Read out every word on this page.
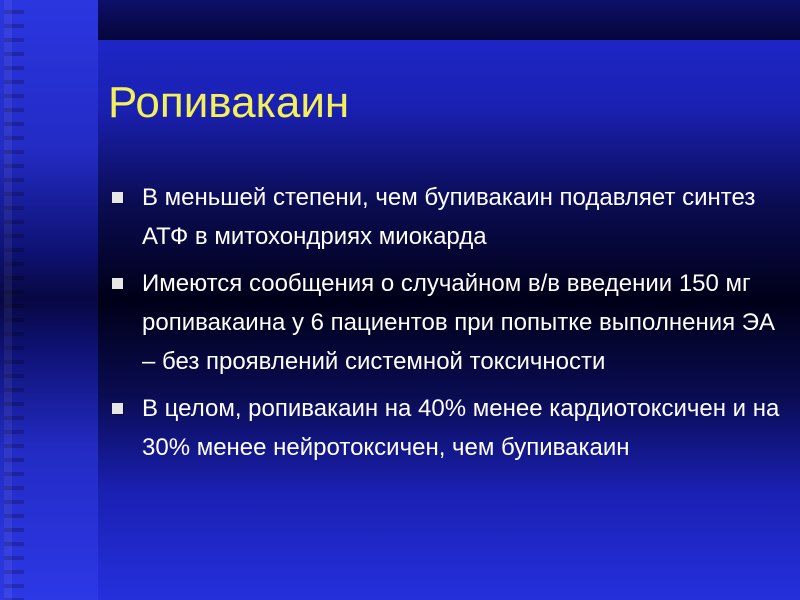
Ропивакаин
В меньшей степени, чем бупивакаин подавляет синтез АТФ в митохондриях миокарда
Имеются сообщения о случайном в/в введении 150 мг ропивакаина у 6 пациентов при попытке выполнения ЭА – без проявлений системной токсичности
В целом, ропивакаин на 40% менее кардиотоксичен и на 30% менее нейротоксичен, чем бупивакаин
